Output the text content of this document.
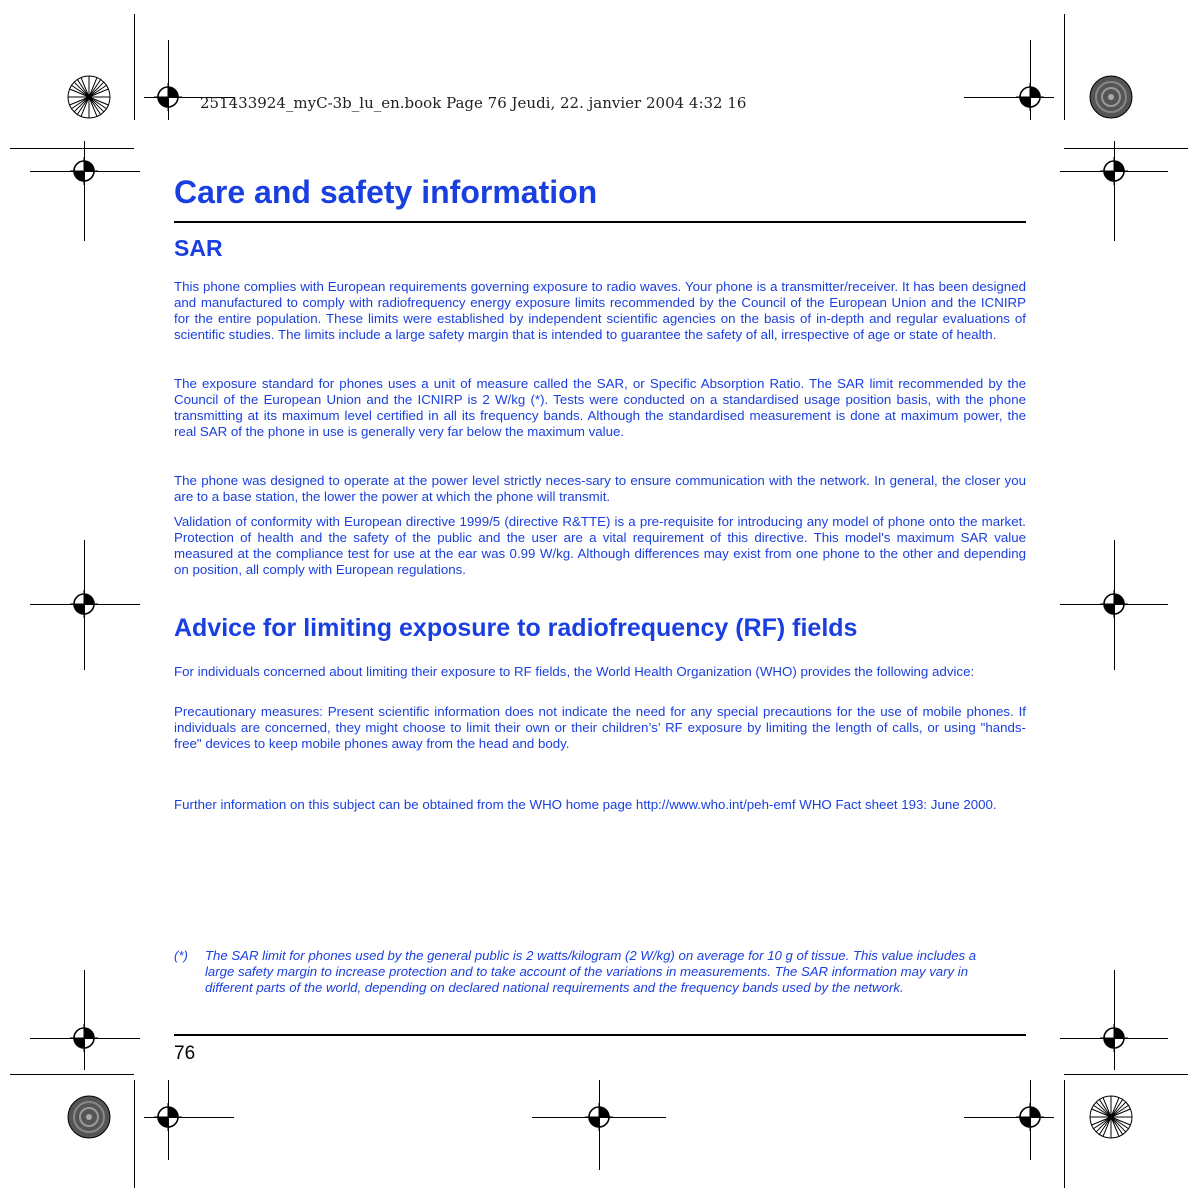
251433924_myC-3b_lu_en.book Page 76 Jeudi, 22. janvier 2004 4:32 16
Care and safety information
SAR

This phone complies with European requirements governing exposure to radio waves. Your phone is a transmitter/receiver. It has been designed and manufactured to comply with radiofrequency energy exposure limits recommended by the Council of the European Union and the ICNIRP for the entire population. These limits were established by independent scientific agencies on the basis of in-depth and regular evaluations of scientific studies. The limits include a large safety margin that is intended to guarantee the safety of all, irrespective of age or state of health.

The exposure standard for phones uses a unit of measure called the SAR, or Specific Absorption Ratio. The SAR limit recommended by the Council of the European Union and the ICNIRP is 2 W/kg (*). Tests were conducted on a standardised usage position basis, with the phone transmitting at its maximum level certified in all its frequency bands. Although the standardised measurement is done at maximum power, the real SAR of the phone in use is generally very far below the maximum value.

The phone was designed to operate at the power level strictly neces-sary to ensure communication with the network. In general, the closer you are to a base station, the lower the power at which the phone will transmit.

Validation of conformity with European directive 1999/5 (directive R&TTE) is a pre-requisite for introducing any model of phone onto the market. Protection of health and the safety of the public and the user are a vital requirement of this directive. This model's maximum SAR value measured at the compliance test for use at the ear was 0.99 W/kg. Although differences may exist from one phone to the other and depending on position, all comply with European regulations.

Advice for limiting exposure to radiofrequency (RF) fields

For individuals concerned about limiting their exposure to RF fields, the World Health Organization (WHO) provides the following advice:

Precautionary measures: Present scientific information does not indicate the need for any special precautions for the use of mobile phones. If individuals are concerned, they might choose to limit their own or their children’s’ RF exposure by limiting the length of calls, or using "hands-free" devices to keep mobile phones away from the head and body.

Further information on this subject can be obtained from the WHO home page http://www.who.int/peh-emf WHO Fact sheet 193: June 2000.

(*) The SAR limit for phones used by the general public is 2 watts/kilogram (2 W/kg) on average for 10 g of tissue. This value includes a large safety margin to increase protection and to take account of the variations in measurements. The SAR information may vary in different parts of the world, depending on declared national requirements and the frequency bands used by the network.
76
